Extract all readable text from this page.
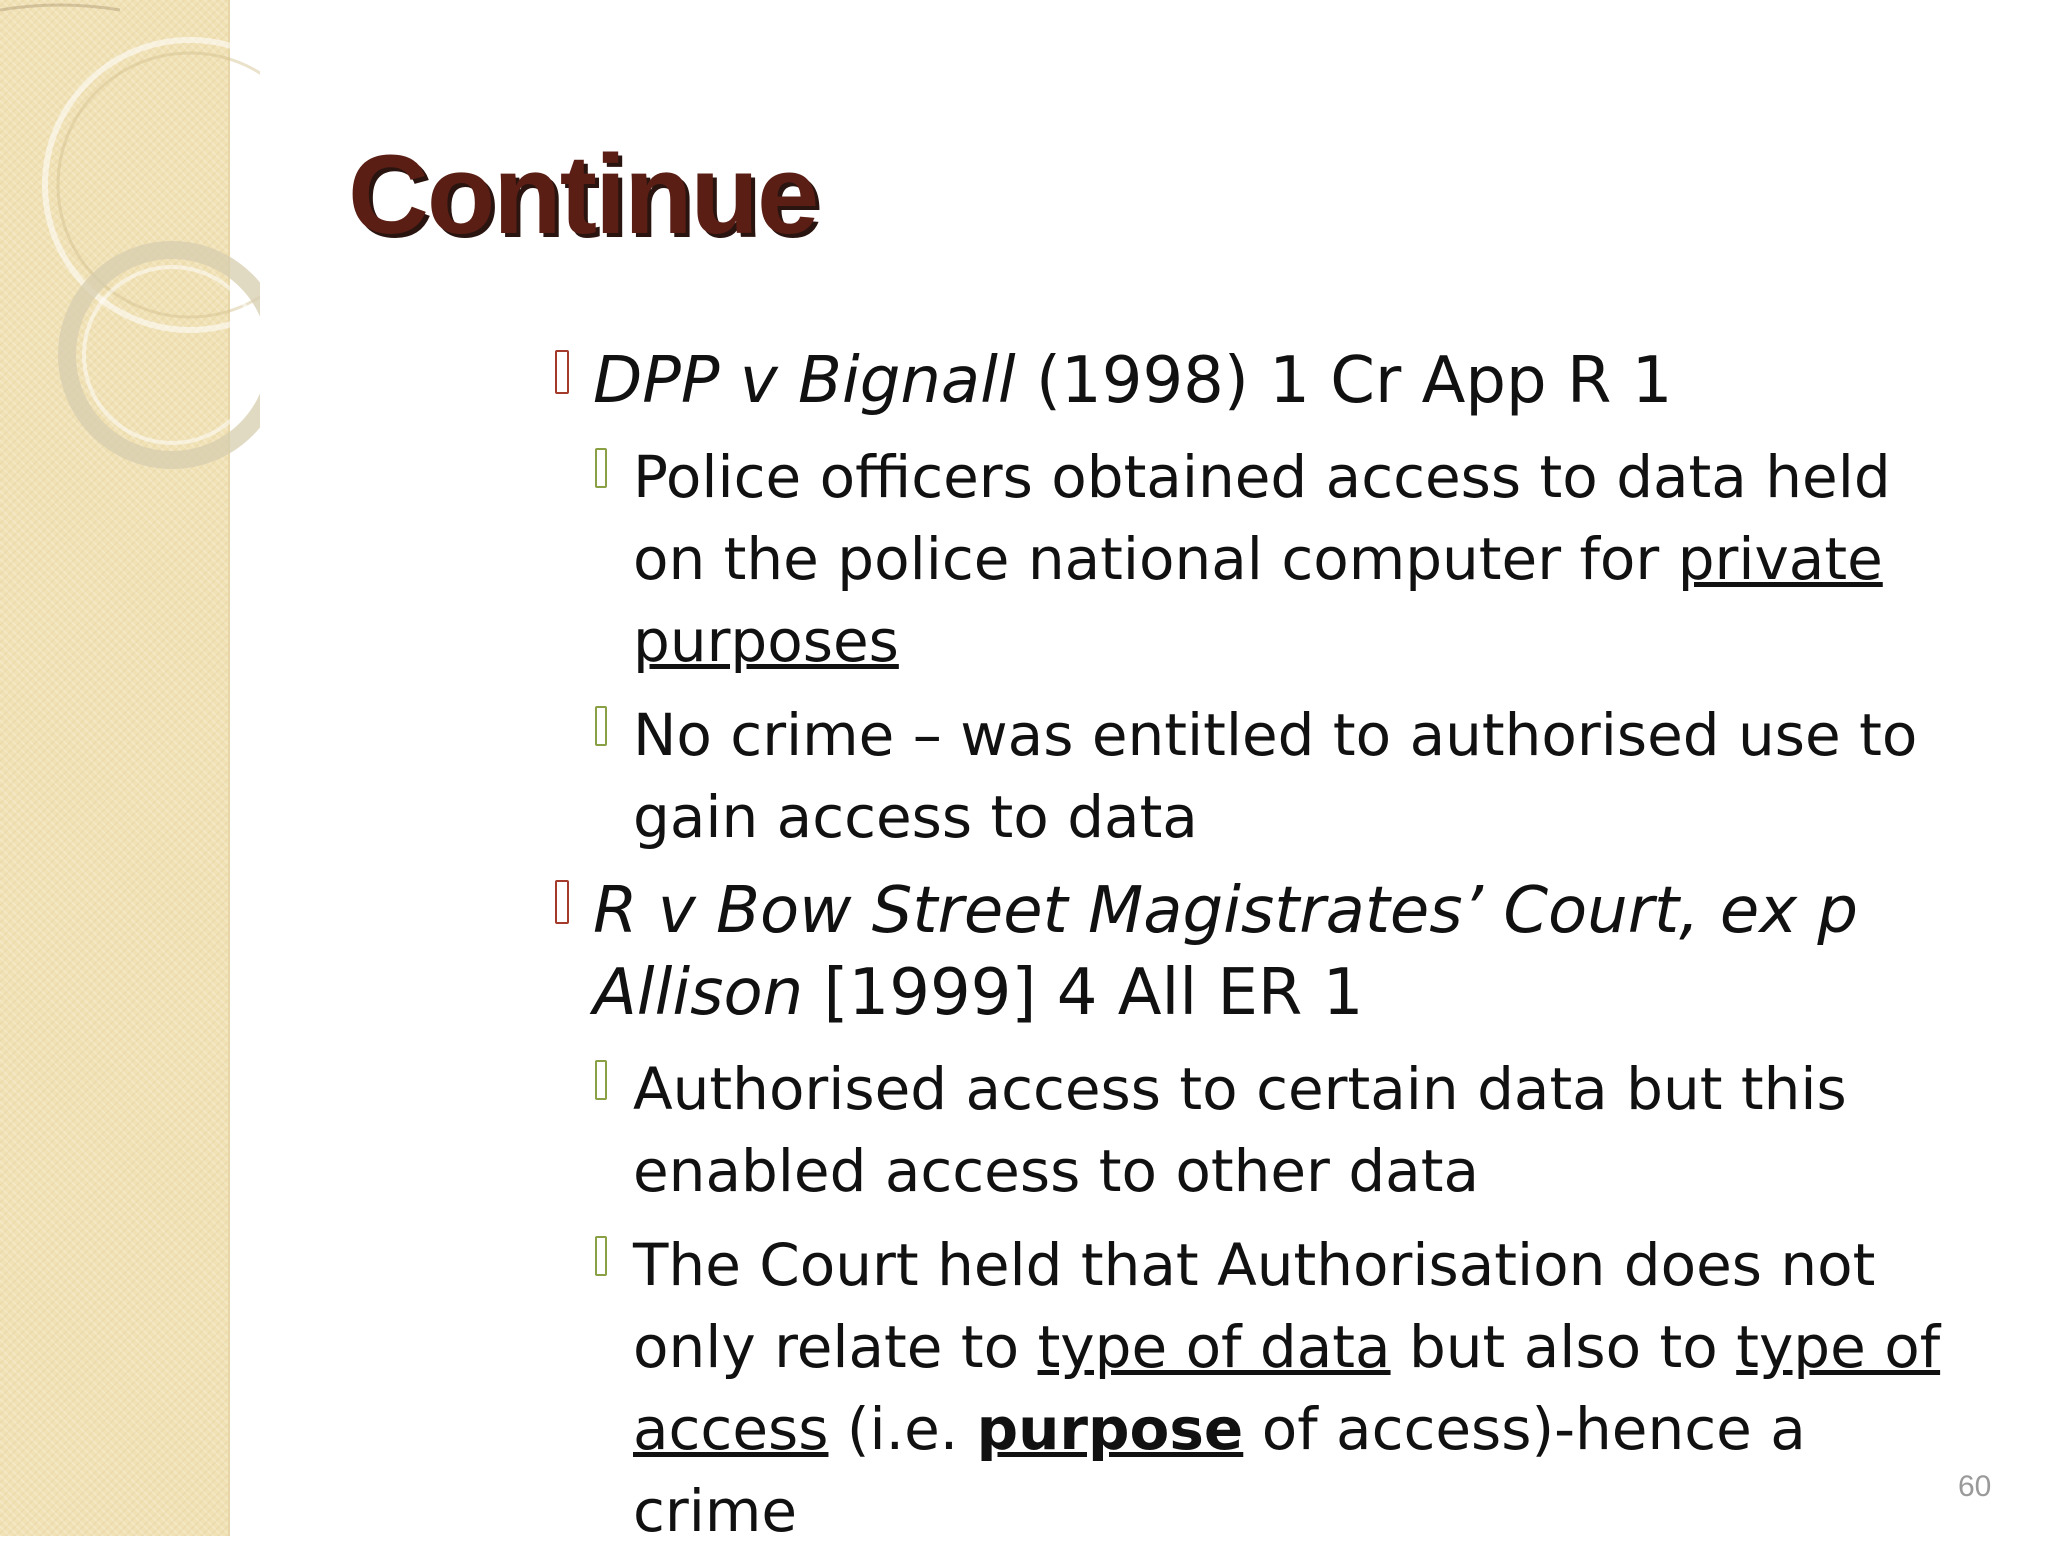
Continue
DPP v Bignall (1998) 1 Cr App R 1
Police officers obtained access to data held on the police national computer for private purposes
No crime – was entitled to authorised use to gain access to data
R v Bow Street Magistrates’ Court, ex p Allison [1999] 4 All ER 1
Authorised access to certain data but this enabled access to other data
The Court held that Authorisation does not only relate to type of data but also to type of access (i.e. purpose of access)-hence a crime	60
